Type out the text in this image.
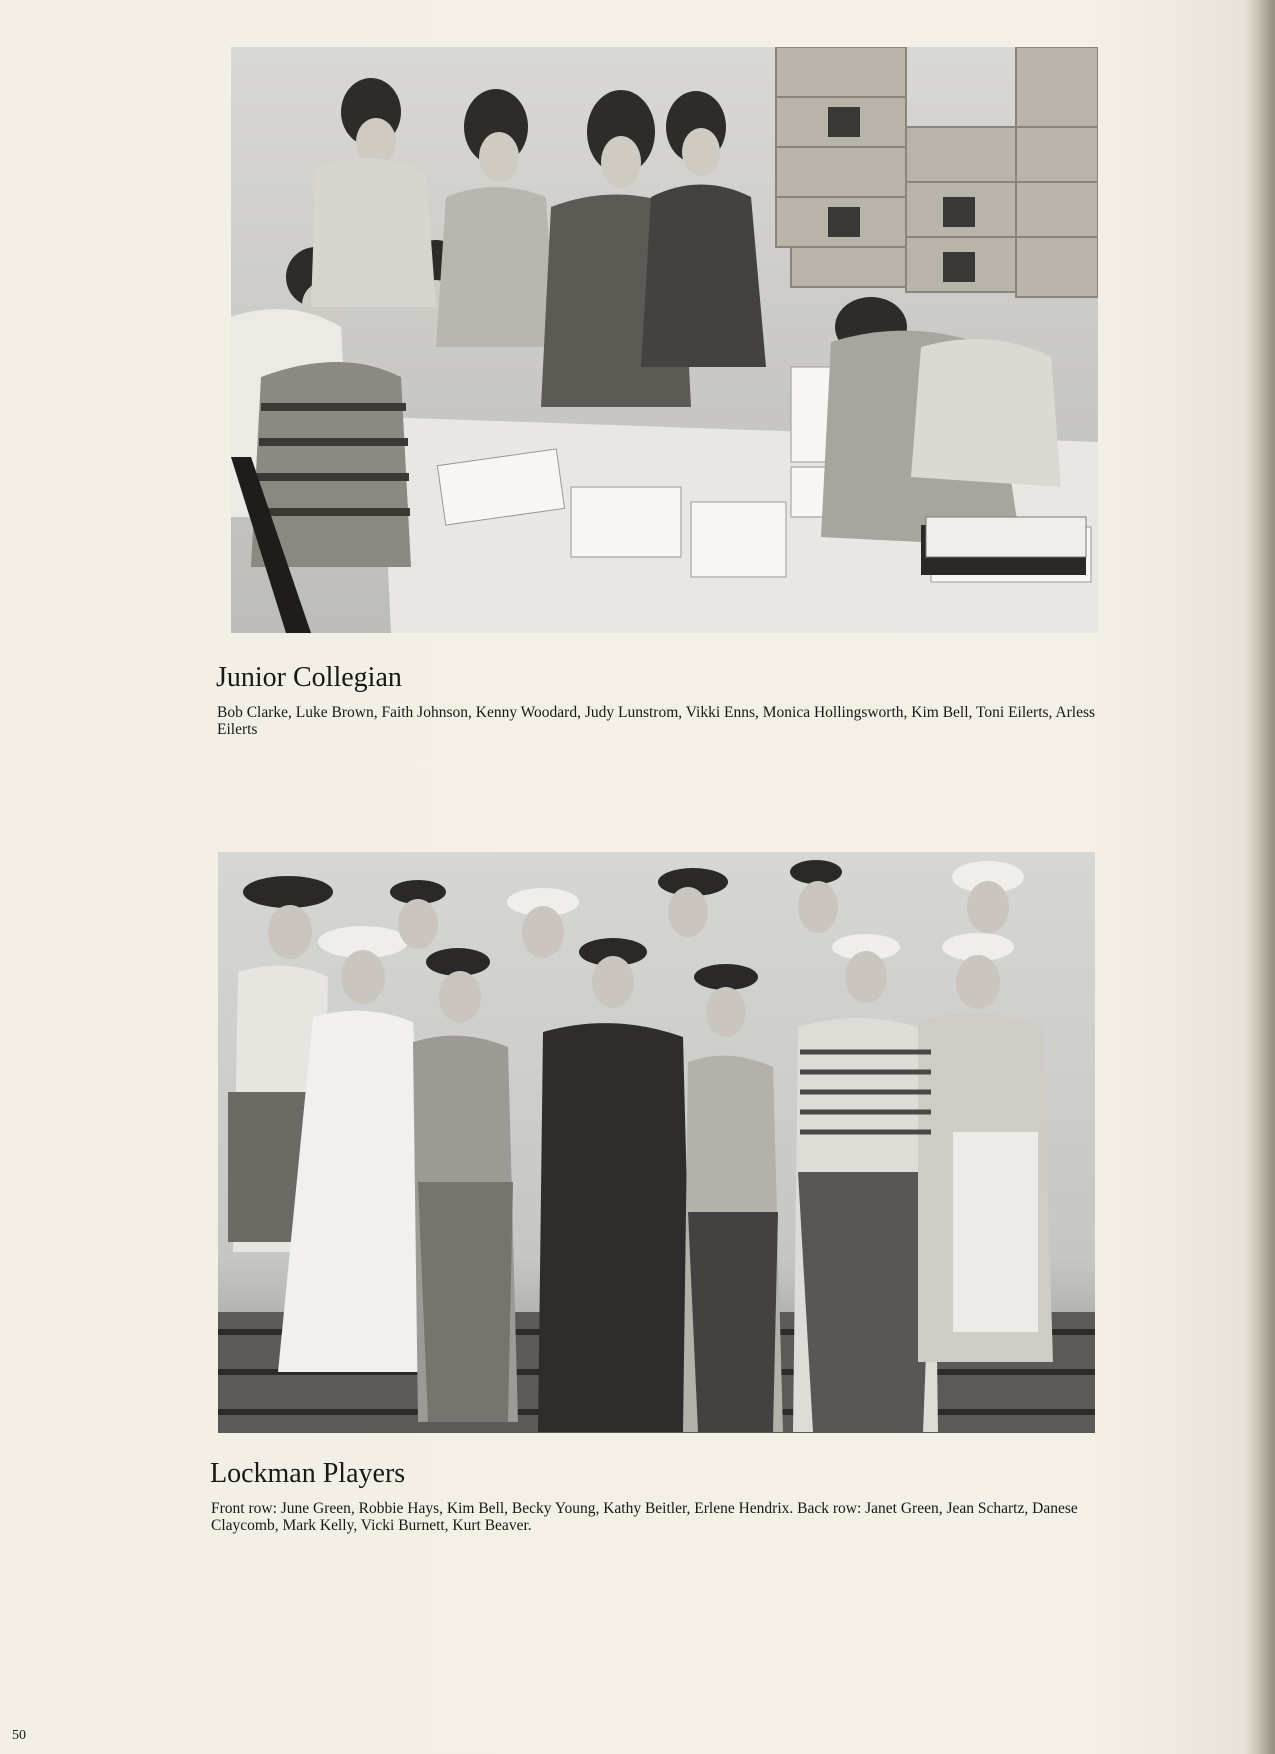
Junior Collegian
Bob Clarke, Luke Brown, Faith Johnson, Kenny Woodard, Judy Lunstrom, Vikki Enns, Monica Hollingsworth, Kim Bell, Toni Eilerts, Arless Eilerts
Lockman Players
Front row: June Green, Robbie Hays, Kim Bell, Becky Young, Kathy Beitler, Erlene Hendrix. Back row: Janet Green, Jean Schartz, Danese Claycomb, Mark Kelly, Vicki Burnett, Kurt Beaver.
50
